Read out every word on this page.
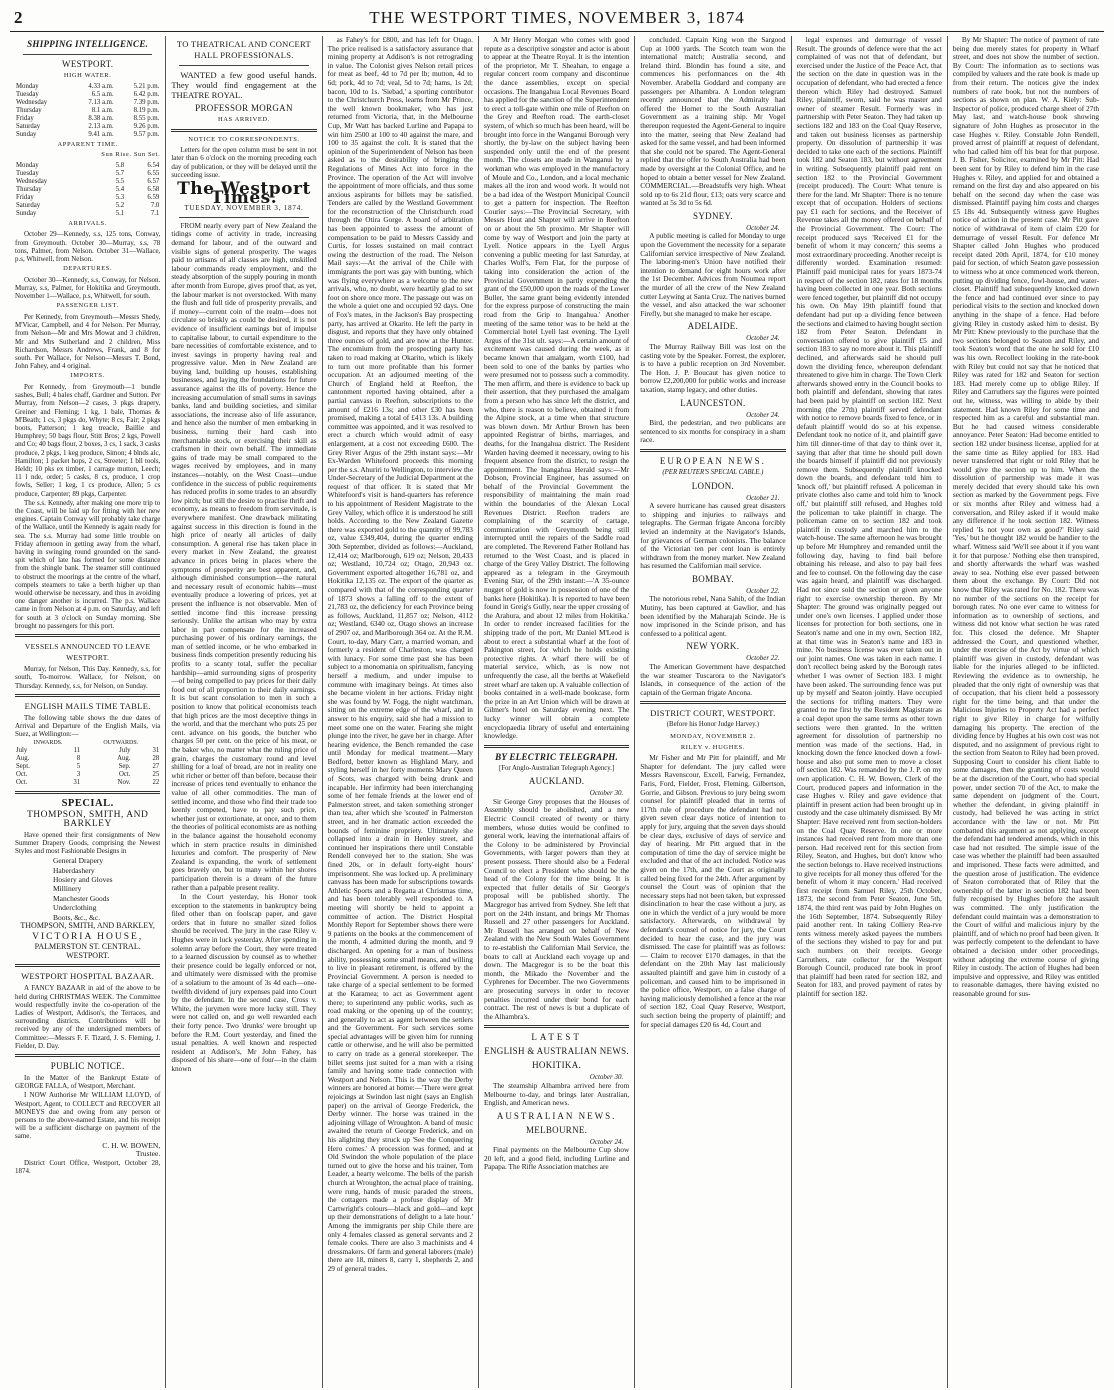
2	THE WESTPORT TIMES, NOVEMBER 3, 1874
SHIPPING INTELLIGENCE.
WESTPORT.
HIGH WATER.
Monday	4.33 a.m.	5.21 p.m.
Tuesday	6.5 a.m.	6.42 p.m.
Wednesday	7.13 a.m.	7.39 p.m.
Thursday	8.1 a.m.	8.19 p.m.
Friday	8.38 a.m.	8.55 p.m.
Saturday	2.13 a.m.	9.26 p.m.
Sunday	9.41 a.m.	9.57 p.m.
APPARENT TIME.
Sun Rise. Sun Set.
Monday	5.8	6.54
Tuesday	5.7	6.55
Wednesday	5.5	6.57
Thursday	5.4	6.58
Friday	5.3	6.59
Saturday	5.2	7.0
Sunday	5.1	7.1
ARRIVALS.

October 29—Kennedy, s.s, 125 tons, Conway, from Greymouth. October 30—Murray, s.s, 78 tons, Palmer, from Nelson. October 31—Wallace, p.s, Whitwell, from Nelson.

DEPARTURES.

October 30—Kennedy, s.s, Conway, for Nelson. Murray, s.s, Palmer, for Hokitika and Greymouth. November 1—Wallace, p.s, Whitwell, for south.

PASSENGER LIST.

Per Kennedy, from Greymouth—Messrs Shedy, M'Vicar, Campbell, and 4 for Nelson. Per Murray, from Nelson—Mr and Mrs Mowat and 3 children, Mr and Mrs Sutherland and 2 children, Miss Richardson, Messrs Andrews, Frank, and 8 for south. Per Wallace, for Nelson—Messrs T. Bond, John Fahey, and 4 original.

IMPORTS.

Per Kennedy, from Greymouth—1 bundle sashes, Bull; 4 bales chaff, Gardner and Sutton. Per Murray, from Nelson—2 cases, 3 pkgs drapery, Greiner and Fleming; 1 kg, 1 bale, Thomas & M'Beath; 1 cs, 3 pkgs do, Whyte; 8 cs, Fair; 2 pkgs boots, Patterson; 1 keg treacle, Baillie and Humphrey; 50 bags flour, Stitt Bros; 2 kgs, Powell and Co; 40 bags flour, 2 boxes, 3 cs, 1 sack, 3 casks produce, 2 pkgs, 1 keg produce, Simon; 4 blnds alc, Hamilton; 1 packet hops, 2 cs, Streeter; 1 bll tools, Heldt; 10 pks ex timber, 1 carrage mutton, Leech; 11 l nde, order; 5 casks, 8 cs, produce, 1 crop fowls, Seller; 1 keg, 1 cs produce, Allen; 5 cs produce, Carpenter; 89 pkgs, Carpenter.

The s.s. Kennedy, after making one more trip to the Coast, will be laid up for fitting with her new engines. Captain Conway will probably take charge of the Wallace, until the Kennedy is again ready for sea. The s.s. Murray had some little trouble on Friday afternoon in getting away from the wharf, having in swinging round grounded on the sand-spit which of late has formed for some distance from the shingle bank. The steamer still continued to obstruct the moorings at the centre of the wharf, compels steamers to take a berth higher up than would otherwise be necessary, and thus in avoiding one danger another is incurred. The p.s. Wallace came in from Nelson at 4 p.m. on Saturday, and left for south at 3 o'clock on Sunday morning. She brought no passengers for this port.

VESSELS ANNOUNCED TO LEAVE WESTPORT.

Murray, for Nelson, This Day. Kennedy, s.s, for south, To-morrow. Wallace, for Nelson, on Thursday. Kennedy, s.s, for Nelson, on Sunday.

ENGLISH MAILS TIME TABLE.

The following table shows the due dates of Arrival and Departure of the English Mails, via Suez, at Wellington:—

INWARDS.		OUTWARDS.	
July	11	July	31
Aug.	8	Aug.	28
Sept.	5	Sep.	27
Oct.	3	Oct.	25
Oct.	31	Nov.	22
SPECIAL.
THOMPSON, SMITH, AND BARKLEY

Have opened their first consignments of New Summer Drapery Goods, comprising the Newest Styles and most Fashionable Designs in

General Drapery
Haberdashery
Hosiery and Gloves
Millinery
Manchester Goods
Underclothing
Boots, &c., &c.
THOMPSON, SMITH, AND BARKLEY,
VICTORIA HOUSE,
PALMERSTON ST. CENTRAL.
WESTPORT.
WESTPORT HOSPITAL BAZAAR.

A FANCY BAZAAR in aid of the above to be held during CHRISTMAS WEEK. The Committee would respectfully invite the co-operation of the Ladies of Westport, Addison's, the Terraces, and surrounding districts. Contributions will be received by any of the undersigned members of Committee:—Messrs F. F. Tizard, J. S. Fleming, J. Fielder, D. Day.

PUBLIC NOTICE.

In the Matter of the Bankrupt Estate of GEORGE FALLA, of Westport, Merchant.

I NOW Authorise Mr WILLIAM LLOYD, of Westport, Agent, to COLLECT and RECOVER all MONEYS due and owing from any person or persons to the above-named Estate, and his receipt will be a sufficient discharge on payment of the same.

C. H. W. BOWEN,
Trustee.

District Court Office, Westport, October 28, 1874.

TO THEATRICAL AND CONCERT HALL PROFESSIONALS.

WANTED a few good useful hands. They would find engagement at the THEATRE ROYAL.

PROFESSOR MORGAN
HAS ARRIVED.
NOTICE TO CORRESPONDENTS.

Letters for the open column must be sent in not later than 6 o'clock on the morning preceding each day of publication, or they will be delayed until the succeeding issue.

The Westport Times.
TUESDAY, NOVEMBER 3, 1874.

FROM nearly every part of New Zealand the tidings come of activity in trade, increasing demand for labour, and of the outward and visible signs of general prosperity. The wages paid to artisans of all classes are high, unskilled labour commands ready employment, and the steady absorption of the supply pouring in month after month from Europe, gives proof that, as yet, the labour market is not overstocked. With many the flush and full tide of prosperity prevails, and if money—current coin of the realm—does not circulate so briskly as could be desired, it is not evidence of insufficient earnings but of impulse to capitalise labour, to curtail expenditure to the bare necessities of comfortable existence, and to invest savings in property having real and progressive value. Men in New Zealand are buying land, building up houses, establishing businesses, and laying the foundations for future assurance against the ills of poverty. Hence the increasing accumulation of small sums in savings banks, land and building societies, and similar associations, the increase also of life assurance, and hence also the number of men embarking in business, turning their hard cash into merchantable stock, or exercising their skill as craftsmen in their own behalf. The immediate gains of trade may be small compared to the wages received by employees, and in many instances—notably, on the West Coast—undue confidence in the success of public requirements has reduced profits in some trades to an absurdly low pitch; but still the desire to practise thrift and economy, as means to freedom from servitude, is everywhere manifest. One drawback militating against success in this direction is found in the high price of nearly all articles of daily consumption. A general rise has taken place in every market in New Zealand, the greatest advance in prices being in places where the symptoms of prosperity are best apparent, and, although diminished consumption—the natural and necessary result of economic habits—must eventually produce a lowering of prices, yet at present the influence is not observable. Men of settled income find this increase pressing seriously. Unlike the artisan who may by extra labor in part compensate for the increased purchasing power of his ordinary earnings, the man of settled income, or he who embarked in business finds competition presently reducing his profits to a scanty total, suffer the peculiar hardship—amid surrounding signs of prosperity—of being compelled to pay prices for their daily food out of all proportion to their daily earnings. It is but scant consolation to men in such a position to know that political economists teach that high prices are the most deceptive things in the world, and that the merchant who puts 25 per cent. advance on his goods, the butcher who charges 50 per cent. on the price of his meat, or the baker who, no matter what the ruling price of grain, charges the customary round and level shilling for a loaf of bread, are not in reality one whit richer or better off than before, because their increase of prices tend eventually to enhance the value of all other commodities. The man of settled income, and those who find their trade too keenly competed, have to pay such price, whether just or extortionate, at once, and to them the theories of political economists are as nothing in the balance against the household economy which in stern practice results in diminished luxuries and comfort. The prosperity of New Zealand is expanding, the work of settlement goes bravely on, but to many within her shores participation therein is a dream of the future rather than a palpable present reality.

In the Court yesterday, his Honor took exception to the statements in bankruptcy being filed other than on foolscap paper, and gave orders that in future no smaller sized folios should be received. The jury in the case Riley v. Hughes were in luck yesterday. After spending in solemn array before the Court, they were treated to a learned discussion by counsel as to whether their presence could be legally enforced or not, and ultimately were dismissed with the promise of a solatium to the amount of 3s 4d each—one-twelfth dividend of jury expenses paid into Court by the defendant. In the second case, Cross v. White, the jurymen were more lucky still. They were not called on, and go well rewarded each their forty pence. Two 'drunks' were brought up before the R.M. Court yesterday, and fined the usual penalties. A well known and respected resident at Addison's, Mr John Fahey, has disposed of his share—one of four—in the claim known

as Fahey's for £800, and has left for Otago. The price realised is a satisfactory assurance that mining property at Addison's is not retrograding in value. The Colonist gives Nelson retail prices for meat as beef, 4d to 7d per lb; mutton, 4d to 6d; pork, 4d to 7d; veal, 5d to 7d; hams, 1s 2d; bacon, 10d to 1s. 'Siebad,' a sporting contributor to the Christchurch Press, learns from Mr Prince, the well known bookmaker, who has just returned from Victoria, that, in the Melbourne Cup, Mr Watt has backed Lurline and Papapa to win him 2500 at 100 to 40 against the mare, and 100 to 35 against the colt. It is stated that the opinion of the Superintendent of Nelson has been asked as to the desirability of bringing the Regulations of Mines Act into force in the Province. The operation of the Act will involve the appointment of more officials, and thus some anxious aspirants for billets may be satisfied. Tenders are called by the Westland Government for the reconstruction of the Christchurch road through the Otira Gorge. A board of arbitration has been appointed to assess the amount of compensation to be paid to Messrs Cassidy and Curtis, for losses sustained on mail contract owing the destruction of the road. The Nelson Mail says:—At the arrival of the Chile with immigrants the port was gay with bunting, which was flying everywhere as a welcome to the new arrivals, who, no doubt, were heartily glad to set foot on shore once more. The passage out was on the whole a quiet one and occupied 92 days. One of Fox's mates, in the Jackson's Bay prospecting party, has arrived at Okarito. He left the party in disgust, and reports that they have only obtained three ounces of gold, and are now at the Hunter. The encomium from the prospecting party has taken to road making at Okarito, which is likely to turn out more profitable than his former occupation. At an adjourned meeting of the Church of England held at Reefton, the cantonment reported having obtained, after a partial canvass in Reefton, subscriptions to the amount of £216 13s; and other £30 has been promised, making a total of £413 13s. A building committee was appointed, and it was resolved to erect a church which would admit of easy enlargement, at a cost not exceeding £600. The Grey River Argus of the 29th instant says:—Mr Ex-Warden Whitefoord proceeds this morning per the s.s. Ahuriri to Wellington, to interview the Under-Secretary of the Judicial Department at the request of that officer. It is stated that Mr Whitefoord's visit is hand-quarters has reference to his appointment of Resident Magistrate to the Grey Valley, which office it is understood he still holds. According to the New Zealand Gazette there was exported gold to the quantity of 99,783 oz, value £349,404, during the quarter ending 30th September, divided as follows:—Auckland, 12,414 oz; Marlborough, 619 oz; Nelson, 20,433 oz; Westland, 10,724 oz; Otago, 20,943 oz. Government exported altogether 16,781 oz, and Hokitika 12,135 oz. The export of the quarter as compared with that of the corresponding quarter of 1873 shows a falling off to the extent of 21,783 oz, the deficiency for each Province being as follows, Auckland, 11,857 oz; Nelson, 4112 oz; Westland, 6340 oz, Otago shows an increase of 2907 oz, and Marlborough 364 oz. At the R.M. Court, to-day, Mary Carr, a married woman, and formerly a resident of Charleston, was charged with lunacy. For some time past she has been subject to a monomania on spiritualism, fancying herself a medium, and under impulse to commune with imaginary beings. At times also she became violent in her actions. Friday night she was found by W. Fogg, the night watchman, sitting on the extreme edge of the wharf, and in answer to his enquiry, said she had a mission to meet some one on the water. Fearing she might plunge into the river, he gave her in charge. After hearing evidence, the Bench remanded the case until Monday for medical treatment.—Mary Bedford, better known as Highland Mary, and styling herself in her forty moments Mary Queen of Scots, was charged with being drunk and incapable. Her infirmity had been interchanging some of her female friends at the lower end of Palmerston street, and taken something stronger than tea, after which she 'scouted' in Palmerston street, and in her dramatic action exceeded the bounds of feminine propriety. Ultimately she collapsed into a drain in Henley street, and continued her inspirations there until Constable Rendell conveyed her to the station. She was fined 20s, or in default forty-eight hours' imprisonment. She was locked up. A preliminary canvass has been made for subscriptions towards Athletic Sports and a Regatta at Christmas time, and has been tolerably well responded to. A meeting will shortly be held to appoint a committee of action. The District Hospital Monthly Report for September shows there were 9 patients on the books at the commencement of the month, 4 admitted during the month, and 9 discharged. An opening for a man of business ability, possessing some small means, and willing to live in pleasant retirement, is offered by the Provincial Government. A person is needed to take charge of a special settlement to be formed at the Karamea; to act as Government agent there; to superintend any public works, such as road making or the opening up of the country; and generally to act as agent between the settlers and the Government. For such services some special advantages will be given him for running cattle or otherwise, and he will also be permitted to carry on trade as a general storekeeper. The billet seems just suited for a man with a rising family and having some trade connection with Westport and Nelson. This is the way the Derby winners are honored at home:—'There were great rejoicings at Swindon last night (says an English paper) on the arrival of George Frederick, the Derby winner. The horse was trained in the adjoining village of Wroughton. A band of music awaited the return of George Frederick, and on his alighting they struck up 'See the Conquering Hero comes.' A procession was formed, and at Old Swindon the whole population of the place turned out to give the horse and his trainer, Tom Leader, a hearty welcome. The bells of the parish church at Wroughton, the actual place of training, were rung, hands of music paraded the streets, the cottagers made a profuse display of Mr Cartwright's colours—black and gold—and kept up their demonstrations of delight to a late hour.' Among the immigrants per ship Chile there are only 4 females classed as general servants and 2 female cooks. There are also 3 machinists and 4 dressmakers. Of farm and general laborers (male) there are 18, miners 8, carry 1, shepherds 2, and 29 of general trades.

A Mr Henry Morgan who comes with good repute as a descriptive songster and actor is about to appear at the Theatre Royal. It is the intention of the proprietor, Mr T. Sheahan, to engage a regular concert room company and discontinue the dance assemblies, except on special occasions. The Inangahua Local Revenues Board has applied for the sanction of the Superintendent to erect a toll-gate within one mile of Reefton on the Grey and Reefton road. The earth-closet system, of which so much has been heard, will be brought into force in the Wanganui Borough very shortly, the by-law on the subject having been suspended only until the end of the present month. The closets are made in Wanganui by a workman who was employed in the manufactory of Moule and Co., London, and a local mechanic makes all the iron and wood work. It would not be a bad idea of the Westport Municipal Council to get a pattern for inspection. The Reefton Courier says:—The Provincial Secretary, with Messrs Hout and Shapter will arrive in Reefton on or about the 5th proximo. Mr Shapter will come by way of Westport and join the party at Lyell. Notice appears in the Lyell Argus convening a public meeting for last Saturday, at Charles Wolf's, Fern Flat, for the purpose of taking into consideration the action of the Provincial Government in partly expending the grant of the £50,000 upon the roads of the Lower Buller, 'the same grant being evidently intended for the express purpose of constructing the main road from the Grip to Inangahua.' Another meeting of the same tenor was to be held at the Commercial hotel Lyell last evening. The Lyell Argus of the 31st ult. says:—A certain amount of excitement was caused during the week, as it became known that amalgam, worth £100, had been sold to one of the banks by parties who were presumed not to possess such a commodity. The men affirm, and there is evidence to back up their assertion, that they purchased the amalgam from a person who has since left the district, and who, there is reason to believe, obtained it from the Alpine stock, at a time when that structure was blown down. Mr Arthur Brown has been appointed Registrar of births, marriages, and deaths, for the Inangahua district. The Resident Warden having deemed it necessary, owing to his frequent absence from the district, to resign the appointment. The Inangahua Herald says:—Mr Dobson, Provincial Engineer, has assumed on behalf of the Provincial Government the responsibility of maintaining the main road within the boundaries of the Alexan Local Revenues District. Reefton traders are complaining of the scarcity of cartage, communication with Greymouth being still interrupted until the repairs of the Saddle road are completed. The Reverend Father Rolland has returned to the West Coast, and is placed in charge of the Grey Valley District. The following appeared as a telegram in the Greymouth Evening Star, of the 29th instant:—'A 35-ounce nugget of gold is now in possession of one of the banks here (Hokitika). It is reported to have been found in Greig's Gully, near the upper crossing of the Arahura, and about 12 miles from Hokitika.' In order to render increased facilities for the shipping trade of the port, Mr Daniel M'Leod is about to erect a substantial wharf at the foot of Pakington street, for which he holds existing protective rights. A wharf there will be of material service, which, as is now not unfrequently the case, all the berths at Wakefield street wharf are taken up. A valuable collection of books contained in a well-made bookcase, form the prize in an Art Union which will be drawn at Gilmer's hotel on Saturday evening next. The lucky winner will obtain a complete encyclopaedia library of useful and entertaining knowledge.

BY ELECTRIC TELEGRAPH.
[For Anglo-Australian Telegraph Agency.]
AUCKLAND.
October 30.

Sir George Grey proposes that the Houses of Assembly should be abolished, and a new Electric Council created of twenty or thirty members, whose duties would be confined to general work, leaving the international affairs of the Colony to be administered by Provincial Governments, with larger powers than they at present possess. There should also be a Federal Council to elect a President who should be the head of the Colony for the time being. It is expected that fuller details of Sir George's proposal will be published shortly. The Macgregor has arrived from Sydney. She left that port on the 24th instant, and brings Mr Thomas Russell and 27 other passengers for Auckland. Mr Russell has arranged on behalf of New Zealand with the New South Wales Government to re-establish the Californian Mail Service, the boats to call at Auckland each voyage up and down. The Macgregor is to be the boat this month, the Mikado the November and the Cyphrenes for December. The two Governments are prosecuting surveys in order to recover penalties incurred under their bond for each contract. The rest of news is but a duplicate of the Alhambra's.

LATEST
ENGLISH & AUSTRALIAN NEWS.
HOKITIKA.
October 30.

The steamship Alhambra arrived here from Melbourne to-day, and brings later Australian, English, and American news.

AUSTRALIAN NEWS.
MELBOURNE.
October 24.

Final payments on the Melbourne Cup show 20 left, and a good field, including Lurline and Papapa. The Rifle Association matches are

concluded. Captain King won the Sargood Cup at 1000 yards. The Scotch team won the international match; Australia second, and Ireland third. Blondin has found a site, and commences his performances on the 4th November. Arabella Goddard and company are passengers per Alhambra. A London telegram recently announced that the Admiralty had offered the Hornet to the South Australian Government as a training ship. Mr Vogel thereupon requested the Agent-General to inquire into the matter, seeing that New Zealand had asked for the same vessel, and had been informed that she could not be spared. The Agent-General replied that the offer to South Australia had been made by oversight at the Colonial Office, and he hoped to obtain a better vessel for New Zealand. COMMERCIAL.—Breadstuffs very high. Wheat sold up to 6s 21d flour, £13; oats very scarce and wanted at 5s 3d to 5s 6d.

SYDNEY.
October 24.

A public meeting is called for Monday to urge upon the Government the necessity for a separate Californian service irrespective of New Zealand. The laboring-men's Union have notified their intention to demand for eight hours work after the 1st December. Advices from Noumea report the murder of all the crew of the New Zealand cutter Leywing at Santa Cruz. The natives burned the vessel, and also attacked the war schooner Firefly, but she managed to make her escape.

ADELAIDE.
October 24.

The Murray Railway Bill was lost on the casting vote by the Speaker. Forrest, the explorer, is to have a public reception on 3rd November. The Hon. J. P. Boucaut has given notice to borrow £2,200,000 for public works and increase taxation, stamp legacy, and other duties.

LAUNCESTON.
October 24.

Bird, the pedestrian, and two publicans are sentenced to six months for conspiracy in a sham race.

EUROPEAN NEWS.
(PER REUTER'S SPECIAL CABLE.)
LONDON.
October 21.

A severe hurricane has caused great disasters to shipping and injuries to railways and telegraphs. The German frigate Ancona forcibly levied an indemnity at the Navigator's Islands, for grievances of German colonists. The balance of the Victorian ten per cent loan is entirely withdrawn from the money market. New Zealand has resumed the Californian mail service.

BOMBAY.
October 22.

The notorious rebel, Nana Sahib, of the Indian Mutiny, has been captured at Gawlior, and has been identified by the Maharajah Scinde. He is now imprisoned in the Scinde prison, and has confessed to a political agent.

NEW YORK.
October 22.

The American Government have despatched the war steamer Tuscarora to the Navigator's Islands, in consequence of the action of the captain of the German frigate Ancona.

DISTRICT COURT, WESTPORT.
(Before his Honor Judge Harvey.)
MONDAY, NOVEMBER 2.
RILEY v. HUGHES.

Mr Fisher and Mr Pitt for plaintiff, and Mr Shapter for defendant. The jury called were Messrs Ravenscour, Excell, Farwig, Fernandez, Faris, Ford, Fielder, Frost, Fleming, Gilbertson, Gorrie, and Gibson. Previous to jury being sworn counsel for plaintiff pleaded that in terms of 117th rule of procedure the defendant had not given seven clear days notice of intention to apply for jury, arguing that the seven days should be clear days, exclusive of days of service and day of hearing. Mr Pitt argued that in the computation of time the day of service might be excluded and that of the act included. Notice was given on the 17th, and the Court as originally called being fixed for the 24th. After argument by counsel the Court was of opinion that the necessary steps had not been taken, but expressed disinclination to hear the case without a jury, as one in which the verdict of a jury would be more satisfactory. Afterwards, on withdrawal by defendant's counsel of notice for jury, the Court decided to hear the case, and the jury was dismissed. The case for plaintiff was as follows:— Claim to recover £170 damages, in that the defendant on the 20th May last maliciously assaulted plaintiff and gave him in custody of a policeman, and caused him to be imprisoned in the police office, Westport, on a false charge of having maliciously demolished a fence at the rear of section 182, Coal Quay Reserve, Westport, such section being the property of plaintiff; and for special damages £20 6s 4d, Court and

legal expenses and demurrage of vessel Result. The grounds of defence were that the act complained of was not that of defendant, but exercised under the Justice of the Peace Act, that the section on the date in question was in the occupation of defendant, who had erected a fence thereon which Riley had destroyed. Samuel Riley, plaintiff, sworn, said he was master and owner of steamer Result. Formerly was in partnership with Peter Seaton. They had taken up sections 182 and 183 on the Coal Quay Reserve, and taken out business licenses as partnership property. On dissolution of partnership it was decided to take one each of the sections. Plaintiff took 182 and Seaton 183, but without agreement in writing. Subsequently plaintiff paid rent on section 182 to the Provincial Government (receipt produced). The Court: What tenure is there for the land. Mr Shapter: There is no tenure except that of occupation. Holders of sections pay £1 each for sections, and the Receiver of Revenue takes all the money offered on behalf of the Provincial Government. The Court: The receipt produced says 'Received £1 for the benefit of whom it may concern;' this seems a most extraordinary proceeding. Another receipt is differently worded. Examination resumed: Plaintiff paid municipal rates for years 1873-74 in respect of the section 182, rates for 18 months having been collected in one year. Both sections were fenced together, but plaintiff did not occupy his own. On May 19th plaintiff found that defendant had put up a dividing fence between the sections and claimed to having bought section 182 from Peter Seaton. Defendant in conversation offered to give plaintiff £5 and section 183 to say no more about it. This plaintiff declined, and afterwards said he should pull down the dividing fence, whereupon defendant threatened to give him in charge. The Town Clerk afterwards showed entry in the Council books to both plaintiff and defendant, showing that rates had been paid by plaintiff on section 182. Next morning (the 27th) plaintiff served defendant with notice to remove boards fixed to fence, or in default plaintiff would do so at his expense. Defendant took no notice of it, and plaintiff gave him till dinner-time of that day to think over it, saying that after that time he should pull down the boards himself if plaintiff did not previously remove them. Subsequently plaintiff knocked down the boards, and defendant told him to 'knock off,' but plaintiff refused. A policeman in private clothes also came and told him to 'knock off,' but plaintiff still refused, and Hughes told the policeman to take plaintiff in charge. The policeman came on to section 182 and took plaintiff in custody and marched him to the watch-house. The same afternoon he was brought up before Mr Humphrey and remanded until the following day, having to find bail before obtaining his release, and also to pay bail fees and fee to counsel. On the following day the case was again heard, and plaintiff was discharged. Had not since sold the section or given anyone right to exercise ownership thereon. By Mr Shapter: The ground was originally pegged out under one's own licenses. I applied under those licenses for protection for both sections, one in Seaton's name and one in my own, Section 182, at that time was in Seaton's name and 183 in mine. No business license was ever taken out in our joint names. One was taken in each name. I don't recollect being asked by the Borough rates whether I was owner of Section 183. I might have been asked. The surrounding fence was put up by myself and Seaton jointly. Have occupied the sections for trifling matters. They were granted to me first by the Resident Magistrate as a coal depot upon the same terms as other town sections were then granted. In the written agreement for dissolution of partnership no mention was made of the sections. Had, in knocking down the fence knocked down a fowl-house and also put some men to move a closet off section 182. Was remanded by the J. P. on my own application. C. H. W. Bowen, Clerk of the Court, produced papers and information in the case Hughes v. Riley and gave evidence that plaintiff in present action had been brought up in custody and the case ultimately dismissed. By Mr Shapter: Have received rent from section-holders on the Coal Quay Reserve. In one or more instances had received rent from more than one person. Had received rent for this section from Riley, Seaton, and Hughes, but don't know who the section belongs to. Have received instructions to give receipts for all money thus offered 'for the benefit of whom it may concern.' Had received first receipt from Samuel Riley, 25th October, 1873, the second from Peter Seaton, June 5th, 1874, the third rent was paid by John Hughes on the 16th September, 1874. Subsequently Riley paid another rent. In taking Colliery Rea-rve rents witness merely asked payees the numbers of the sections they wished to pay for and put such numbers on their receipts. George Carruthers, rate collector for the Westport Borough Council, produced rate book in proof that plaintiff had been rated for section 182, and Seaton for 183, and proved payment of rates by plaintiff for section 182.

By Mr Shapter: The notice of payment of rate being due merely states for property in Wharf street, and does not show the number of section. By Court: The information as to sections was compiled by valuers and the rate book is made up from their return. The notices give the index numbers of rate book, but not the numbers of sections as shown on plan. W. A. Kiely: Sub-Inspector of police, produced charge sheet of 27th May last, and watch-house book showing signature of John Hughes as prosecutor in the case Hughes v. Riley. Constable John Rendell, proved arrest of plaintiff at request of defendant, who had called him off his beat for that purpose. J. B. Fisher, Solicitor, examined by Mr Pitt: Had been sent for by Riley to defend him in the case Hughes v. Riley, and applied for and obtained a remand on the first day and also appeared on his behalf on the second day when the case was dismissed. Plaintiff paying him costs and charges £5 18s 4d. Subsequently witness gave Hughes notice of action in the present case. Mr Pitt gave notice of withdrawal of item of claim £20 for demurrage of vessel Result. For defence Mr Shapter called John Hughes who produced receipt dated 20th April, 1874, for £10 money paid for section, of which Seaton gave possession to witness who at once commenced work thereon, putting up dividing fence, fowl-house, and water-closet. Plaintiff had subsequently knocked down the fence and had continued ever since to pay periodical visits to the section and knocked down anything in the shape of a fence. Had before giving Riley in custody asked him to desist. By Mr Pitt: Knew previously to the purchase that the two sections belonged to Seaton and Riley, and took Seaton's word that the one he sold for £10 was his own. Recollect looking in the rate-book with Riley but could not say that he noticed that Riley was rated for 182 and Seaton for section 183. Had merely come up to oblige Riley. If Riley and Carruthers say the figures were pointed out he, witness, was willing to abide by their statement. Had known Riley for some time and respected him as a careful and substantial man. But he had caused witness considerable annoyance. Peter Seaton: Had become entitled to section 182 under business license, applied for at the same time as Riley applied for 183. Had never transferred that right or told Riley that he would give the section up to him. When the dissolution of partnership was made it was merely decided that every should take his own section as marked by the Government pegs. Five or six months after Riley and witness had a conversation, and Riley asked if it would make any difference if he took section 182. Witness replied 'Is not your own as good?' Riley said 'Yes,' but he thought 182 would be handier to the wharf. Witness said 'We'll see about it if you want it for that purpose.' Nothing else then transpired, and shortly afterwards the wharf was washed away to sea. Nothing else ever passed between them about the exchange. By Court: Did not know that Riley was rated for No. 182. There was no number of the sections on the receipt for borough rates. No one ever came to witness for information as to ownership of sections, and witness did not know what section he was rated for. This closed the defence. Mr Shapter addressed the Court, and questioned whether, under the exercise of the Act by virtue of which plaintiff was given in custody, defendant was liable for the injuries alleged to be inflicted. Reviewing the evidence as to ownership, he pleaded that the only right of ownership was that of occupation, that his client held a possessory right for the time being, and that under the Malicious Injuries to Property Act had a perfect right to give Riley in charge for wilfully damaging his property. The erection of the dividing fence by Hughes at his own cost was not disputed, and no assignment of previous right to the section from Seaton to Riley had been proved. Supposing Court to consider his client liable to some damages, then the granting of costs would be at the discretion of the Court, who had special power, under section 70 of the Act, to make the same dependent on judgment of the Court, whether the defendant, in giving plaintiff in custody, had believed he was acting in strict accordance with the law or not. Mr Pitt combatted this argument as not applying, except the defendant had tendered amends, which in this case had not resulted. The simple issue of the case was whether the plaintiff had been assaulted and imprisoned. These facts were admitted, and the question arose of justification. The evidence of Seaton corroborated that of Riley that the ownership of the latter in section 182 had been fully recognised by Hughes before the assault was committed. The only justification the defendant could maintain was a demonstration to the Court of wilful and malicious injury by the plaintiff, and of which no proof had been given. It was perfectly competent to the defendant to have obtained a decision under other proceedings, without adopting the extreme course of giving Riley in custody. The action of Hughes had been impulsive and oppressive, and Riley was entitled to reasonable damages, there having existed no reasonable ground for sus-
